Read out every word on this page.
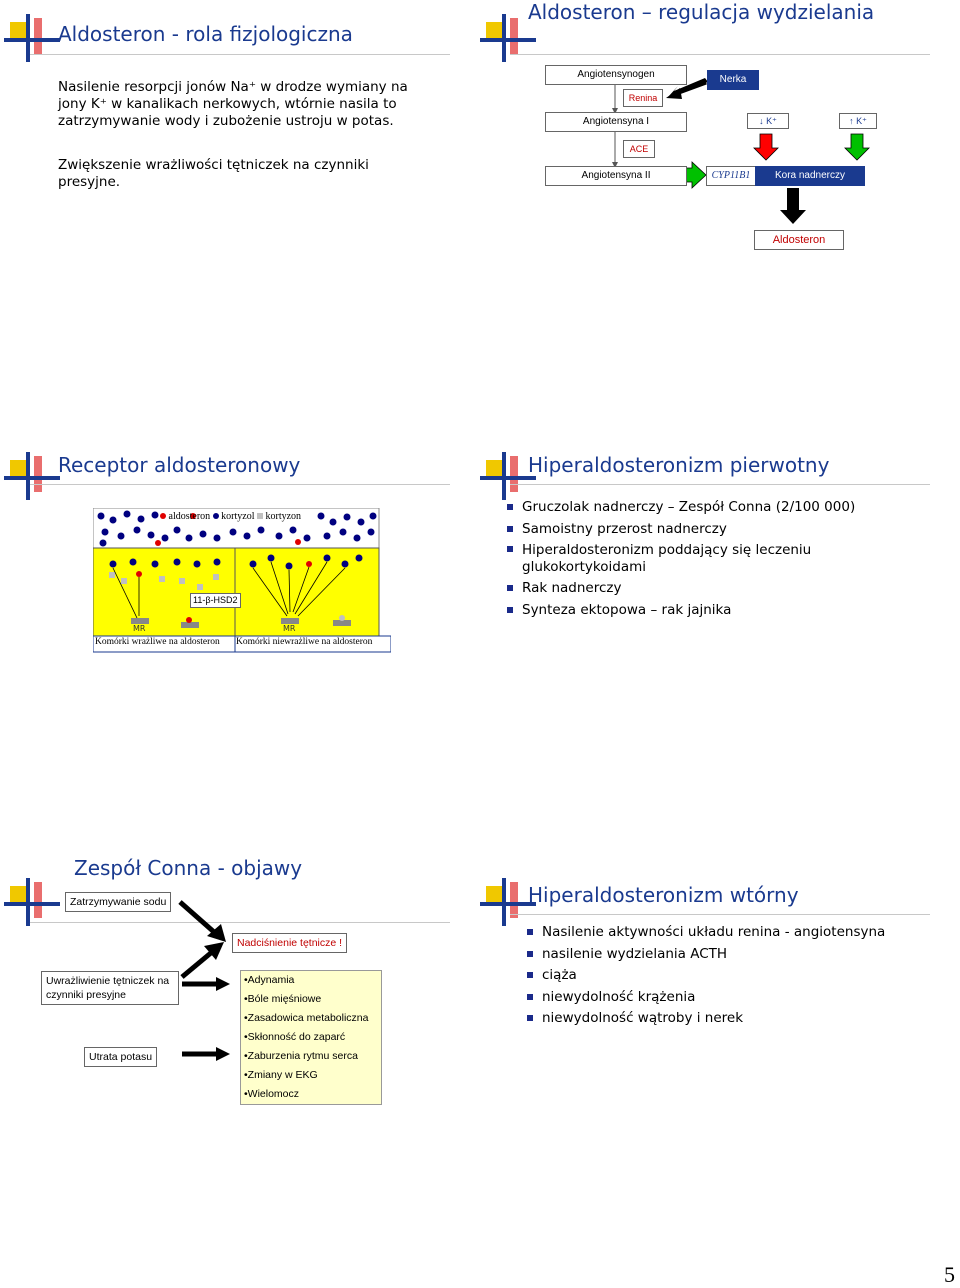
Aldosteron - rola fizjologiczna
Nasilenie resorpcji jonów Na⁺ w drodze wymiany na jony K⁺ w kanalikach nerkowych, wtórnie nasila to zatrzymywanie wody i zubożenie ustroju w potas.
Zwiększenie wrażliwości tętniczek na czynniki presyjne.
Aldosteron – regulacja wydzielania
Angiotensynogen
Renina
Angiotensyna I
ACE
Angiotensyna II
Nerka
↓ K⁺	↑ K⁺
CYP11B1	Kora nadnerczy
Aldosteron
Receptor aldosteronowy
aldosteron kortyzol kortyzon
11-β-HSD2
MR	MR
Komórki wrażliwe na aldosteron Komórki niewrażliwe na aldosteron
Hiperaldosteronizm pierwotny
Gruczolak nadnerczy – Zespół Conna (2/100 000)
Samoistny przerost nadnerczy
Hiperaldosteronizm poddający się leczeniu glukokortykoidami
Rak nadnerczy
Synteza ektopowa – rak jajnika
Zespół Conna - objawy
Zatrzymywanie sodu
Nadciśnienie tętnicze !
Uwrażliwienie tętniczek na czynniki presyjne
Utrata potasu
•Adynamia
•Bóle mięśniowe
•Zasadowica metaboliczna
•Skłonność do zaparć
•Zaburzenia rytmu serca
•Zmiany w EKG
•Wielomocz
Hiperaldosteronizm wtórny
Nasilenie aktywności układu renina - angiotensyna
nasilenie wydzielania ACTH
ciąża
niewydolność krążenia
niewydolność wątroby i nerek
5
